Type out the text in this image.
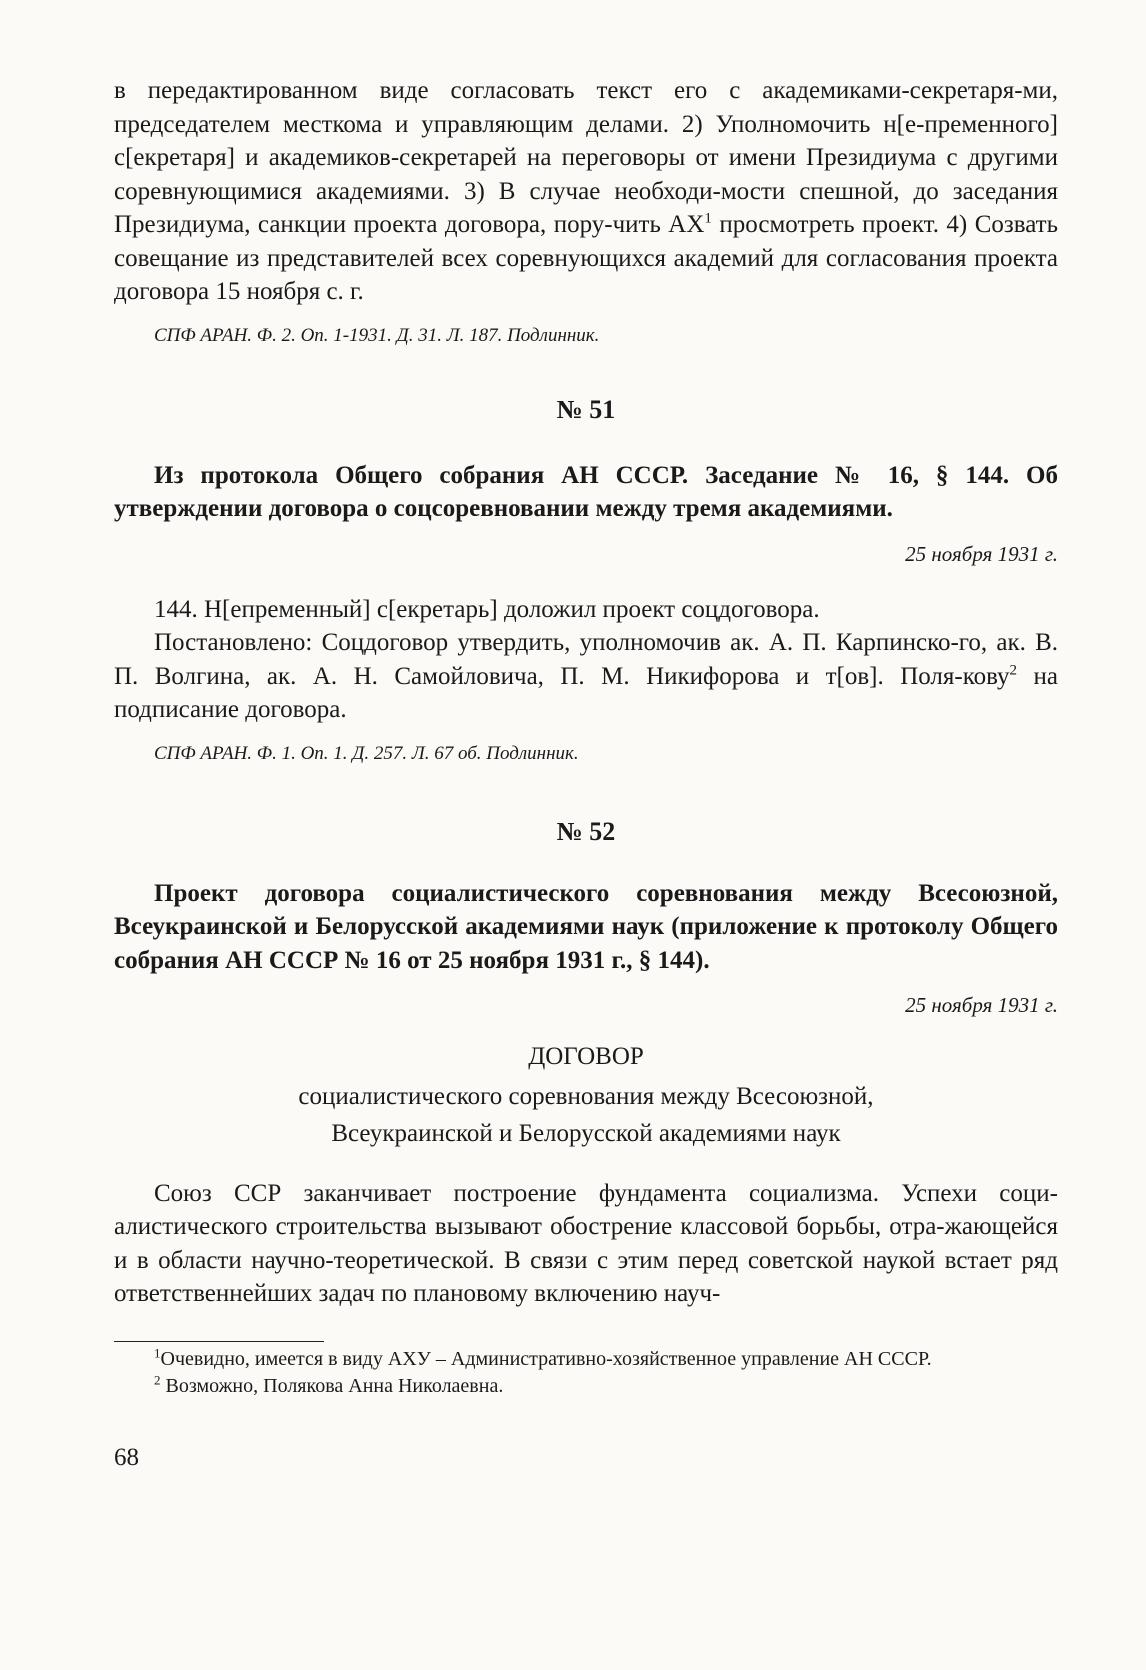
в передактированном виде согласовать текст его с академиками-секретаря-ми, председателем месткома и управляющим делами. 2) Уполномочить н[е-пременного] с[екретаря] и академиков-секретарей на переговоры от имени Президиума с другими соревнующимися академиями. 3) В случае необходи-мости спешной, до заседания Президиума, санкции проекта договора, пору-чить $АХ^1$ просмотреть проект. 4) Созвать совещание из представителей всех соревнующихся академий для согласования проекта договора 15 ноября с. г.

СПФ АРАН. Ф. 2. Оп. 1-1931. Д. 31. Л. 187. Подлинник.

№ 51

Из протокола Общего собрания АН СССР. Заседание № 16, § 144. Об утверждении договора о соцсоревновании между тремя академиями.

25 ноября 1931 г.

144. Н[епременный] с[екретарь] доложил проект соцдоговора.

Постановлено: Соцдоговор утвердить, уполномочив ак. А. П. Карпинско-го, ак. В. П. Волгина, ак. А. Н. Самойловича, П. М. Никифорова и т[ов]. Поля-кову$^2$ на подписание договора.

СПФ АРАН. Ф. 1. Оп. 1. Д. 257. Л. 67 об. Подлинник.

№ 52

Проект договора социалистического соревнования между Всесоюзной, Всеукраинской и Белорусской академиями наук (приложение к протоколу Общего собрания АН СССР № 16 от 25 ноября 1931 г., § 144).

25 ноября 1931 г.

ДОГОВОР

социалистического соревнования между Всесоюзной,

Всеукраинской и Белорусской академиями наук

Союз ССР заканчивает построение фундамента социализма. Успехи соци-алистического строительства вызывают обострение классовой борьбы, отра-жающейся и в области научно-теоретической. В связи с этим перед советской наукой встает ряд ответственнейших задач по плановому включению науч-

$^1$Очевидно, имеется в виду АХУ – Административно-хозяйственное управление АН СССР.

$^2$ Возможно, Полякова Анна Николаевна.

68
